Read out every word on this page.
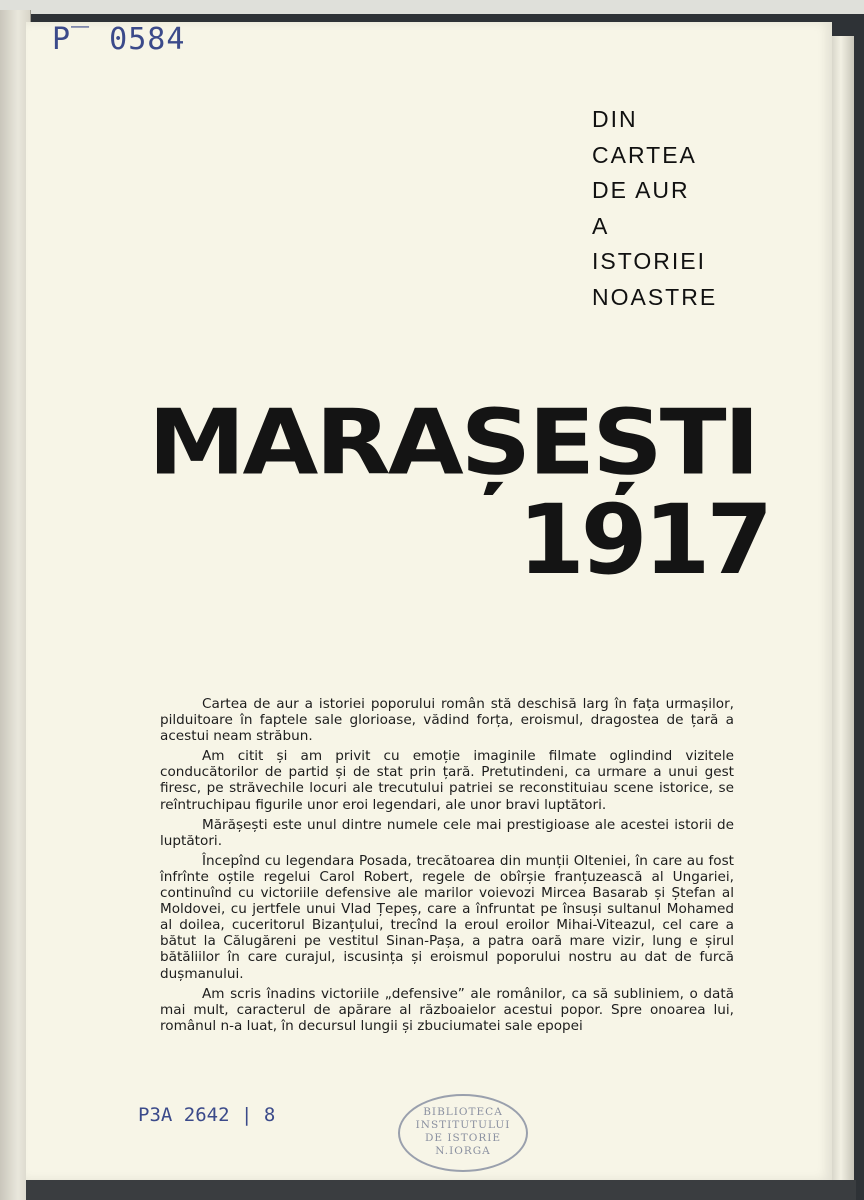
P‾ 0584
DIN
CARTEA
DE AUR
A
ISTORIEI
NOASTRE
MARAȘEȘTI
1917

Cartea de aur a istoriei poporului român stă deschisă larg în fața urmașilor, pilduitoare în faptele sale glorioase, vădind forța, eroismul, dragostea de țară a acestui neam străbun.

Am citit și am privit cu emoție imaginile filmate oglindind vizitele conducătorilor de partid și de stat prin țară. Pretutindeni, ca urmare a unui gest firesc, pe străvechile locuri ale trecutului patriei se reconstituiau scene istorice, se reîntruchipau figurile unor eroi legendari, ale unor bravi luptători.

Mărășești este unul dintre numele cele mai prestigioase ale acestei istorii de luptători.

Începînd cu legendara Posada, trecătoarea din munții Olteniei, în care au fost înfrînte oștile regelui Carol Robert, regele de obîrșie franțuzească al Ungariei, continuînd cu victoriile defensive ale marilor voievozi Mircea Basarab și Ștefan al Moldovei, cu jertfele unui Vlad Țepeș, care a înfruntat pe însuși sultanul Mohamed al doilea, cuceritorul Bizanțului, trecînd la eroul eroilor Mihai-Viteazul, cel care a bătut la Călugăreni pe vestitul Sinan-Pașa, a patra oară mare vizir, lung e șirul bătăliilor în care curajul, iscusința și eroismul poporului nostru au dat de furcă dușmanului.

Am scris înadins victoriile „defensive” ale românilor, ca să subliniem, o dată mai mult, caracterul de apărare al războaielor acestui popor. Spre onoarea lui, românul n-a luat, în decursul lungii și zbuciumatei sale epopei

P3A 2642 | 8	BIBLIOTECA
INSTITUTULUI
DE ISTORIE
N.IORGA
